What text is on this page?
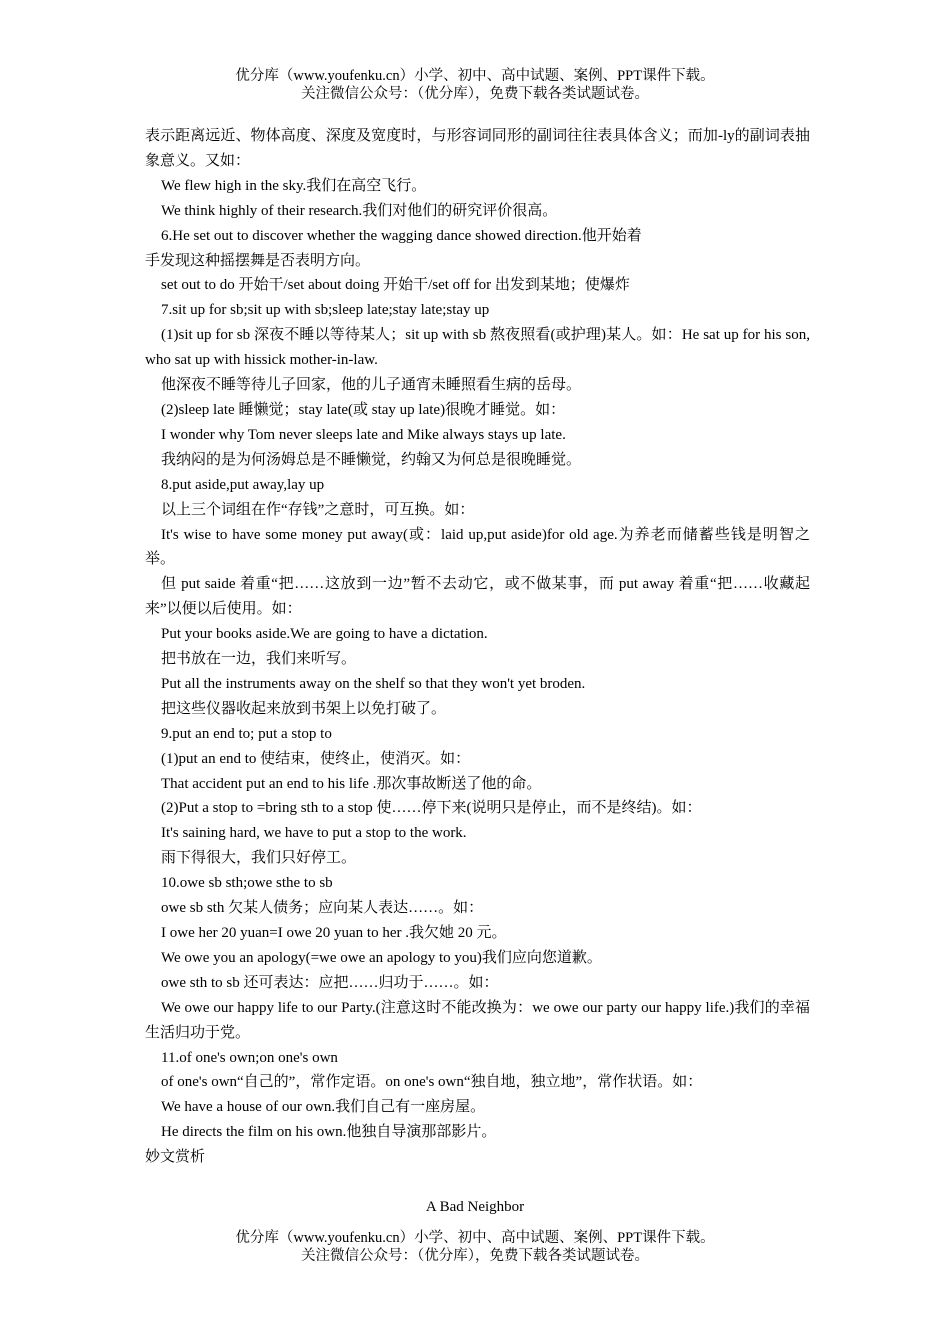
优分库（www.youfenku.cn）小学、初中、高中试题、案例、PPT课件下载。
关注微信公众号：（优分库），免费下载各类试题试卷。

表示距离远近、物体高度、深度及宽度时，与形容词同形的副词往往表具体含义；而加-ly的副词表抽象意义。又如：

We flew high in the sky.我们在高空飞行。

We think highly of their research.我们对他们的研究评价很高。

6.He set out to discover whether the wagging dance showed direction.他开始着

手发现这种摇摆舞是否表明方向。

set out to do 开始干/set about doing 开始干/set off for 出发到某地；使爆炸

7.sit up for sb;sit up with sb;sleep late;stay late;stay up

(1)sit up for sb 深夜不睡以等待某人；sit up with sb 熬夜照看(或护理)某人。如：He sat up for his son, who sat up with hissick mother-in-law.

他深夜不睡等待儿子回家，他的儿子通宵未睡照看生病的岳母。

(2)sleep late 睡懒觉；stay late(或 stay up late)很晚才睡觉。如：

I wonder why Tom never sleeps late and Mike always stays up late.

我纳闷的是为何汤姆总是不睡懒觉，约翰又为何总是很晚睡觉。

8.put aside,put away,lay up

以上三个词组在作“存钱”之意时，可互换。如：

It's wise to have some money put away(或：laid up,put aside)for old age.为养老而储蓄些钱是明智之举。

但 put saide 着重“把……这放到一边”暂不去动它，或不做某事，而 put away 着重“把……收藏起来”以便以后使用。如：

Put your books aside.We are going to have a dictation.

把书放在一边，我们来听写。

Put all the instruments away on the shelf so that they won't yet broden.

把这些仪器收起来放到书架上以免打破了。

9.put an end to; put a stop to

(1)put an end to 使结束，使终止，使消灭。如：

That accident put an end to his life .那次事故断送了他的命。

(2)Put a stop to =bring sth to a stop 使……停下来(说明只是停止，而不是终结)。如：

It's saining hard, we have to put a stop to the work.

雨下得很大，我们只好停工。

10.owe sb sth;owe sthe to sb

owe sb sth 欠某人债务；应向某人表达……。如：

I owe her 20 yuan=I owe 20 yuan to her .我欠她 20 元。

We owe you an apology(=we owe an apology to you)我们应向您道歉。

owe sth to sb 还可表达：应把……归功于……。如：

We owe our happy life to our Party.(注意这时不能改换为：we owe our party our happy life.)我们的幸福生活归功于党。

11.of one's own;on one's own

of one's own“自己的”，常作定语。on one's own“独自地，独立地”，常作状语。如：

We have a house of our own.我们自己有一座房屋。

He directs the film on his own.他独自导演那部影片。

妙文赏析

A Bad Neighbor
优分库（www.youfenku.cn）小学、初中、高中试题、案例、PPT课件下载。
关注微信公众号：（优分库），免费下载各类试题试卷。
